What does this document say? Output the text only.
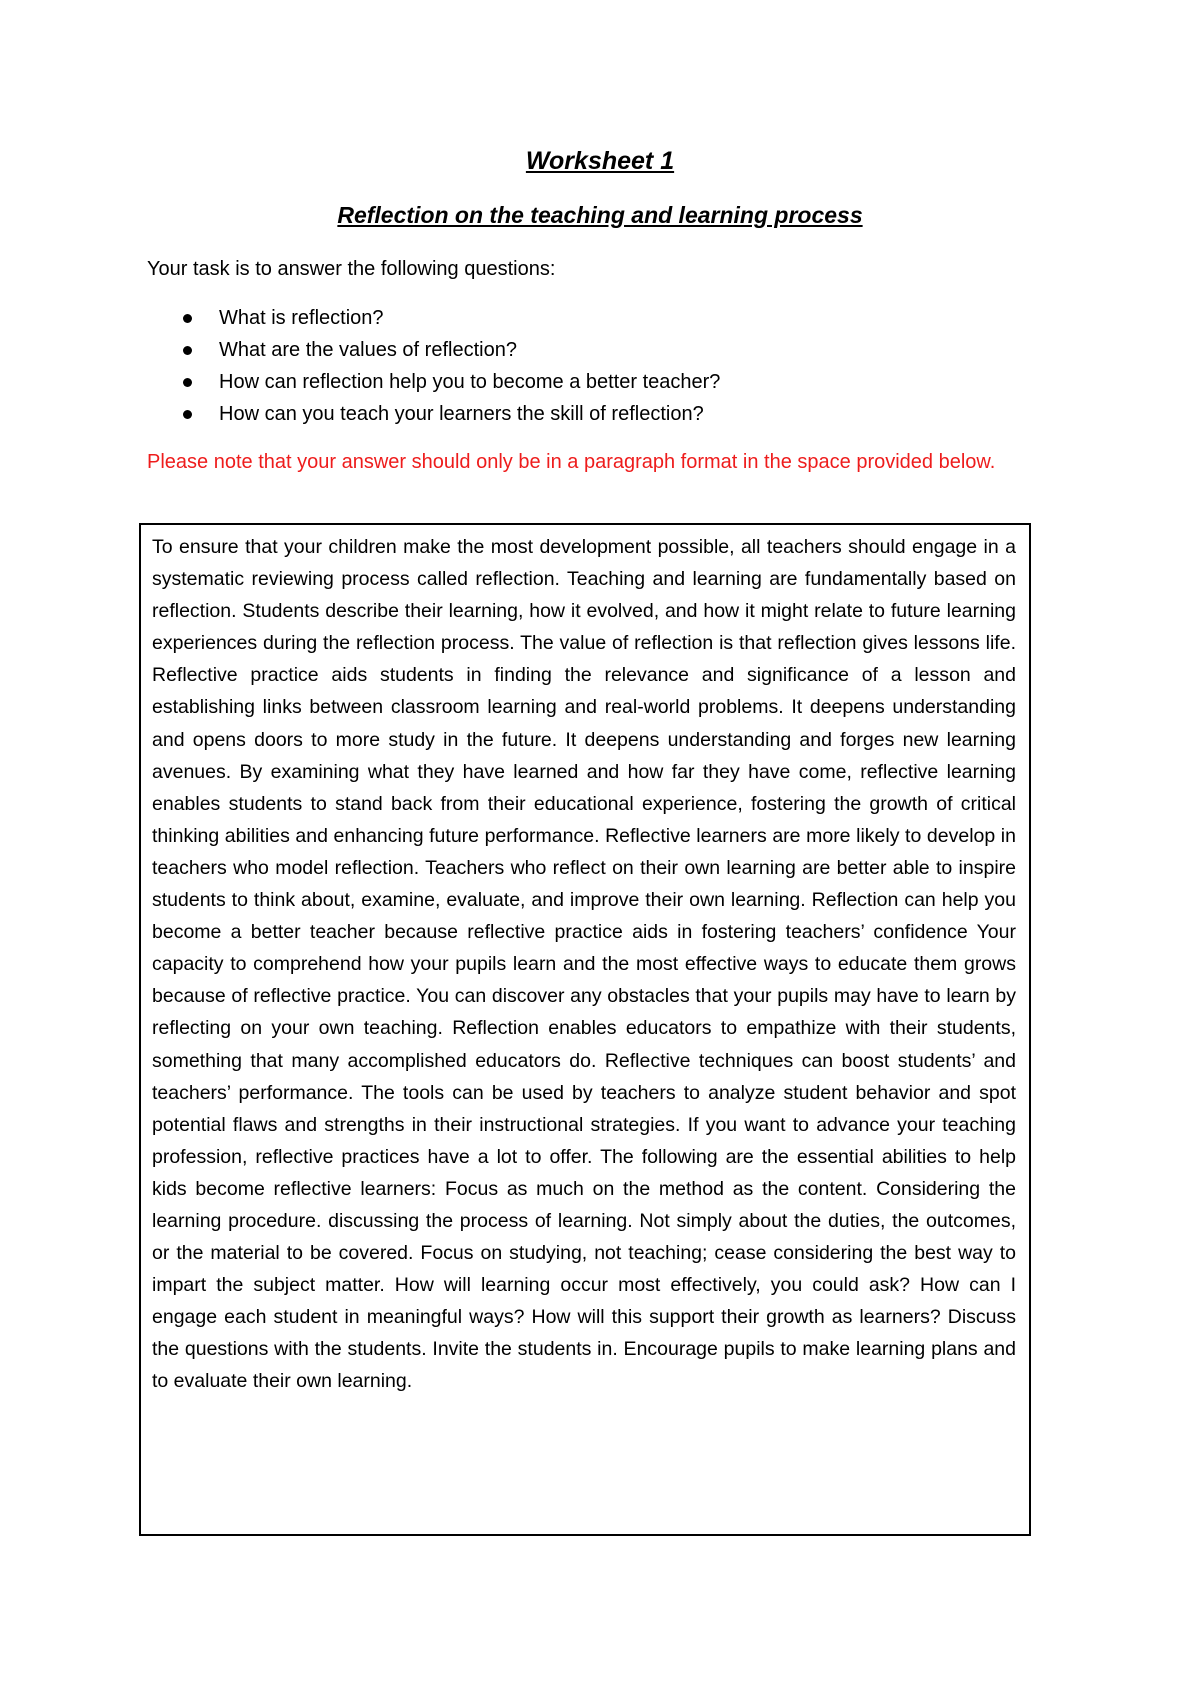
Worksheet 1
Reflection on the teaching and learning process

Your task is to answer the following questions:

What is reflection?
What are the values of reflection?
How can reflection help you to become a better teacher?
How can you teach your learners the skill of reflection?

Please note that your answer should only be in a paragraph format in the space provided below.

To ensure that your children make the most development possible, all teachers should engage in a systematic reviewing process called reflection. Teaching and learning are fundamentally based on reflection. Students describe their learning, how it evolved, and how it might relate to future learning experiences during the reflection process. The value of reflection is that reflection gives lessons life. Reflective practice aids students in finding the relevance and significance of a lesson and establishing links between classroom learning and real-world problems. It deepens understanding and opens doors to more study in the future. It deepens understanding and forges new learning avenues. By examining what they have learned and how far they have come, reflective learning enables students to stand back from their educational experience, fostering the growth of critical thinking abilities and enhancing future performance. Reflective learners are more likely to develop in teachers who model reflection. Teachers who reflect on their own learning are better able to inspire students to think about, examine, evaluate, and improve their own learning. Reflection can help you become a better teacher because reflective practice aids in fostering teachers’ confidence Your capacity to comprehend how your pupils learn and the most effective ways to educate them grows because of reflective practice. You can discover any obstacles that your pupils may have to learn by reflecting on your own teaching. Reflection enables educators to empathize with their students, something that many accomplished educators do. Reflective techniques can boost students’ and teachers’ performance. The tools can be used by teachers to analyze student behavior and spot potential flaws and strengths in their instructional strategies. If you want to advance your teaching profession, reflective practices have a lot to offer. The following are the essential abilities to help kids become reflective learners: Focus as much on the method as the content. Considering the learning procedure. discussing the process of learning. Not simply about the duties, the outcomes, or the material to be covered. Focus on studying, not teaching; cease considering the best way to impart the subject matter. How will learning occur most effectively, you could ask? How can I engage each student in meaningful ways? How will this support their growth as learners? Discuss the questions with the students. Invite the students in. Encourage pupils to make learning plans and to evaluate their own learning.
